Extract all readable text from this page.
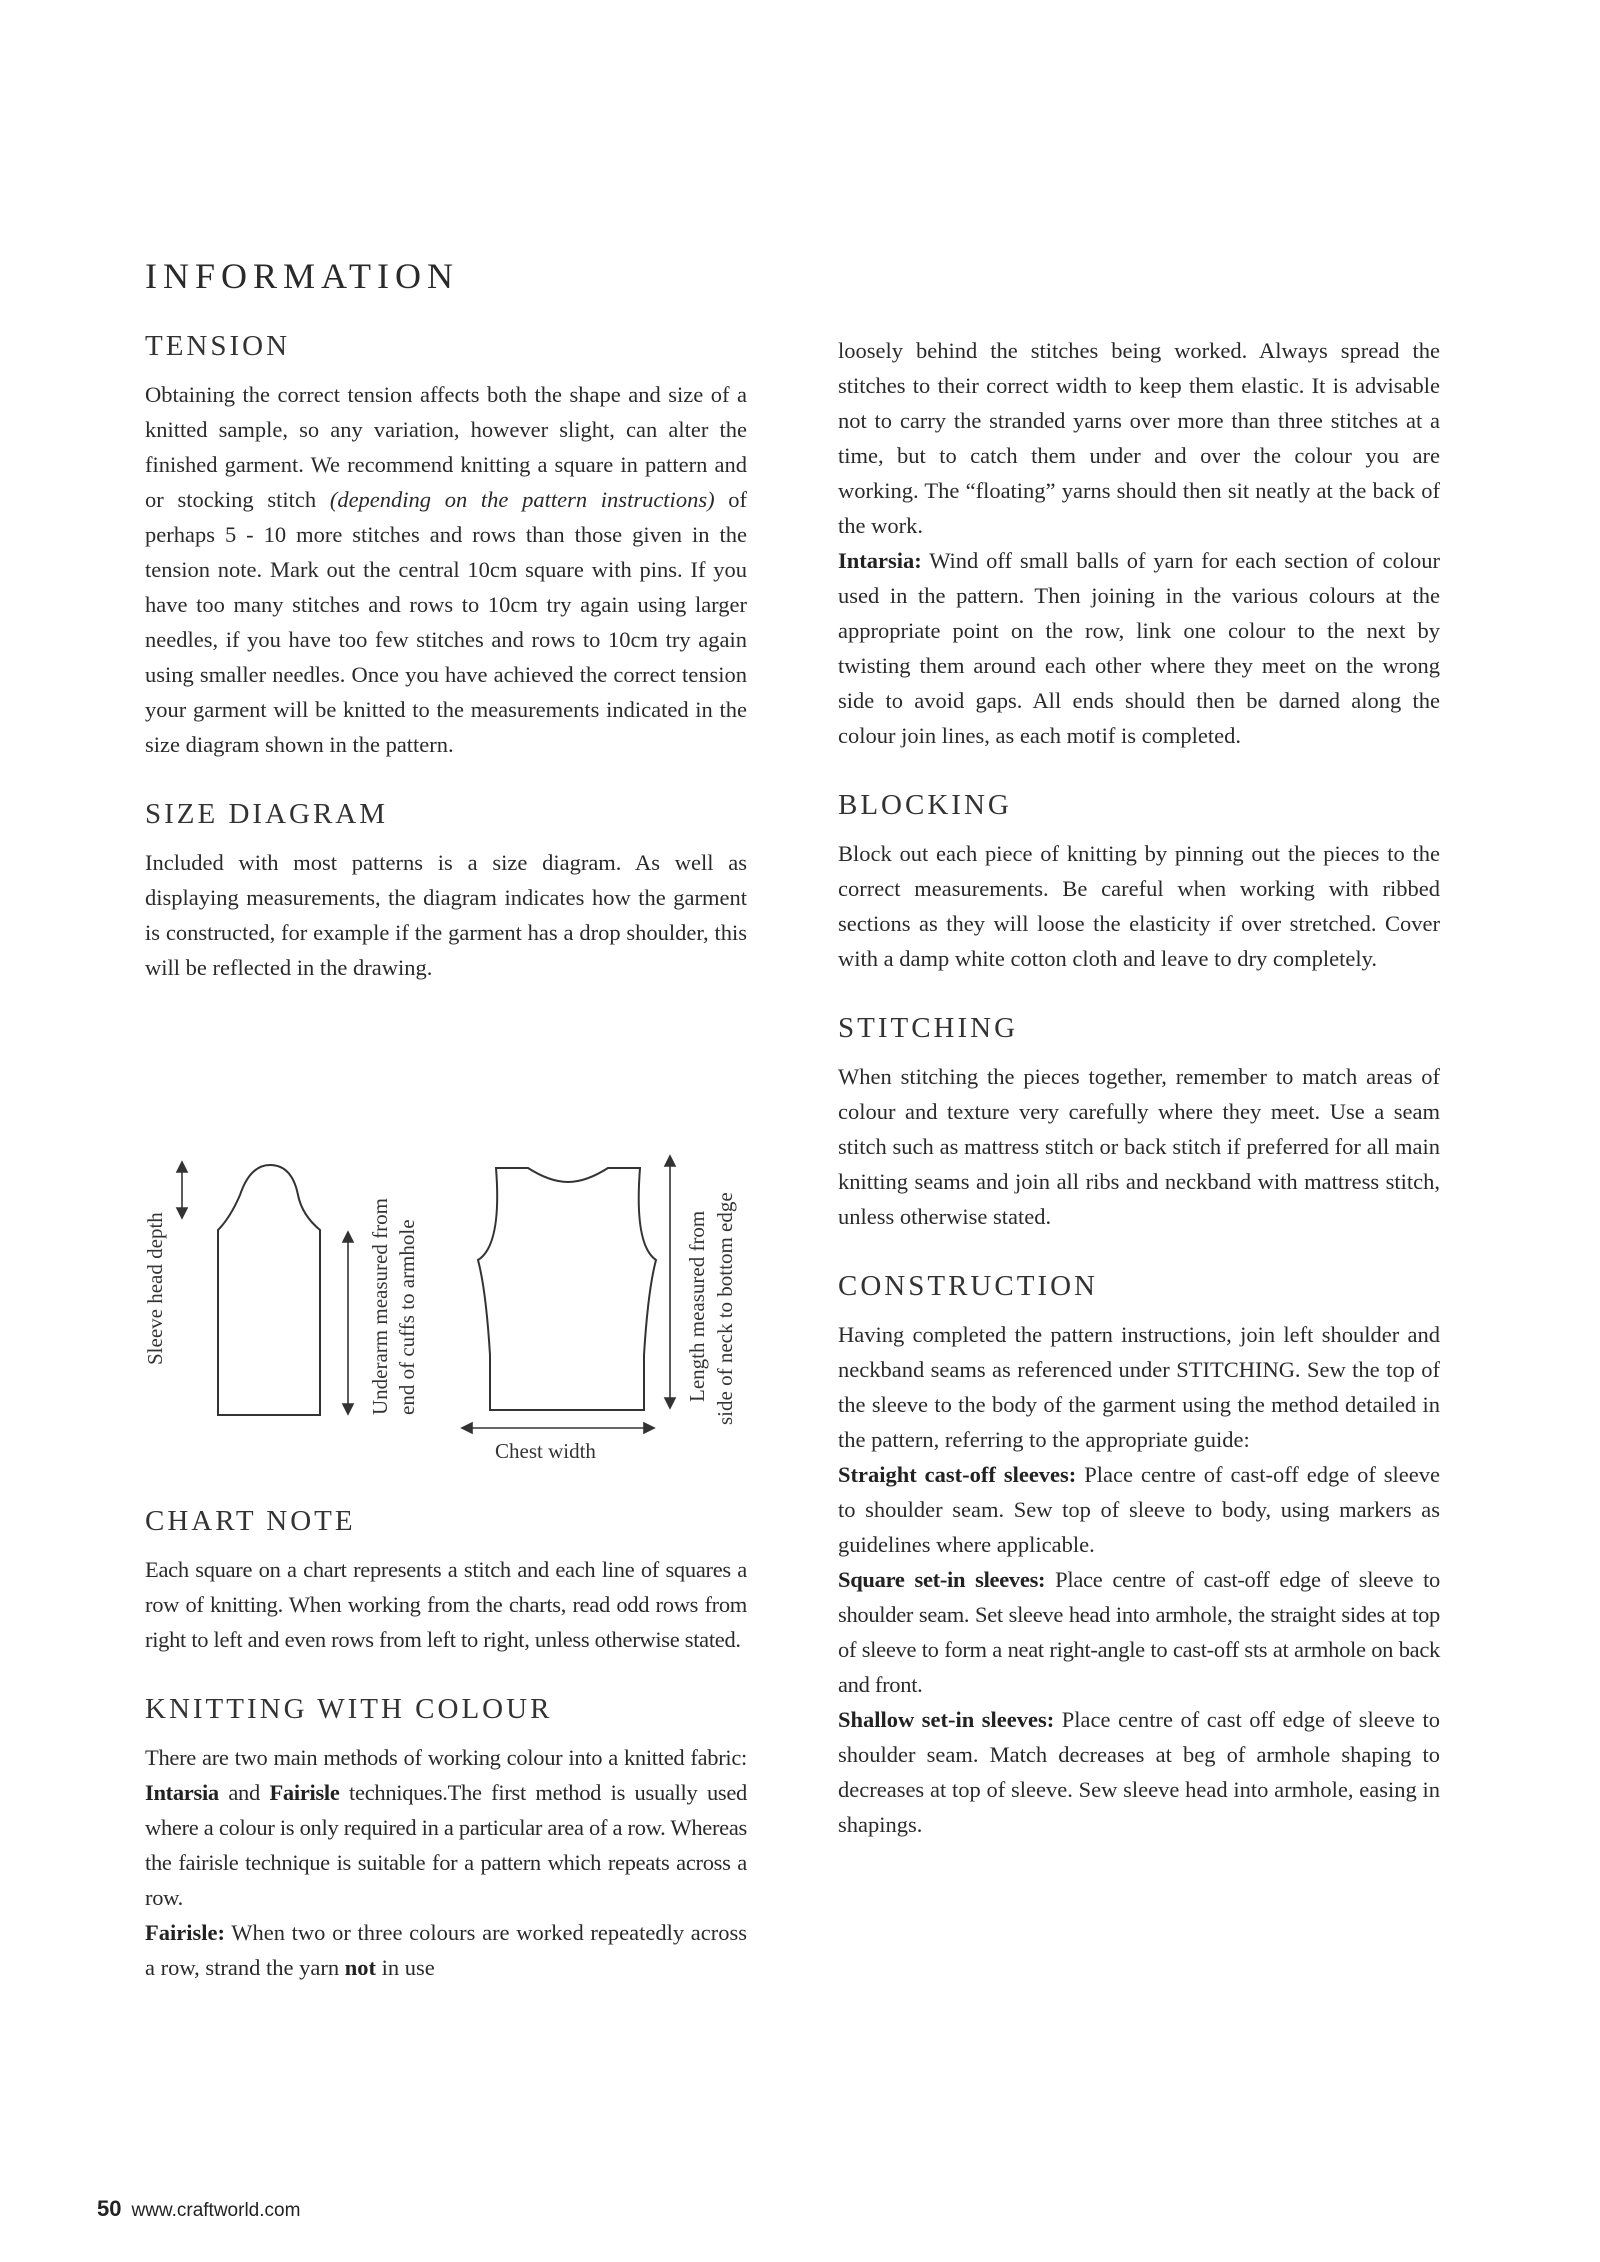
INFORMATION
TENSION

Obtaining the correct tension affects both the shape and size of a knitted sample, so any variation, however slight, can alter the finished garment. We recommend knitting a square in pattern and or stocking stitch (depending on the pattern instructions) of perhaps 5 - 10 more stitches and rows than those given in the tension note. Mark out the central 10cm square with pins. If you have too many stitches and rows to 10cm try again using larger needles, if you have too few stitches and rows to 10cm try again using smaller needles. Once you have achieved the correct tension your garment will be knitted to the measurements indicated in the size diagram shown in the pattern.

SIZE DIAGRAM

Included with most patterns is a size diagram. As well as displaying measurements, the diagram indicates how the garment is constructed, for example if the garment has a drop shoulder, this will be reflected in the drawing.

Sleeve head depth	Underarm measured from end of cuffs to armhole	Length measured from side of neck to bottom edge
Chest width
CHART NOTE

Each square on a chart represents a stitch and each line of squares a row of knitting. When working from the charts, read odd rows from right to left and even rows from left to right, unless otherwise stated.

KNITTING WITH COLOUR

There are two main methods of working colour into a knitted fabric: Intarsia and Fairisle techniques.The first method is usually used where a colour is only required in a particular area of a row. Whereas the fairisle technique is suitable for a pattern which repeats across a row.

Fairisle: When two or three colours are worked repeatedly across a row, strand the yarn not in use

loosely behind the stitches being worked. Always spread the stitches to their correct width to keep them elastic. It is advisable not to carry the stranded yarns over more than three stitches at a time, but to catch them under and over the colour you are working. The “floating” yarns should then sit neatly at the back of the work.

Intarsia: Wind off small balls of yarn for each section of colour used in the pattern. Then joining in the various colours at the appropriate point on the row, link one colour to the next by twisting them around each other where they meet on the wrong side to avoid gaps. All ends should then be darned along the colour join lines, as each motif is completed.

BLOCKING

Block out each piece of knitting by pinning out the pieces to the correct measurements. Be careful when working with ribbed sections as they will loose the elasticity if over stretched. Cover with a damp white cotton cloth and leave to dry completely.

STITCHING

When stitching the pieces together, remember to match areas of colour and texture very carefully where they meet. Use a seam stitch such as mattress stitch or back stitch if preferred for all main knitting seams and join all ribs and neckband with mattress stitch, unless otherwise stated.

CONSTRUCTION

Having completed the pattern instructions, join left shoulder and neckband seams as referenced under STITCHING. Sew the top of the sleeve to the body of the garment using the method detailed in the pattern, referring to the appropriate guide:

Straight cast-off sleeves: Place centre of cast-off edge of sleeve to shoulder seam. Sew top of sleeve to body, using markers as guidelines where applicable.

Square set-in sleeves: Place centre of cast-off edge of sleeve to shoulder seam. Set sleeve head into armhole, the straight sides at top of sleeve to form a neat right-angle to cast-off sts at armhole on back and front.

Shallow set-in sleeves: Place centre of cast off edge of sleeve to shoulder seam. Match decreases at beg of armhole shaping to decreases at top of sleeve. Sew sleeve head into armhole, easing in shapings.

50 www.craftworld.com
